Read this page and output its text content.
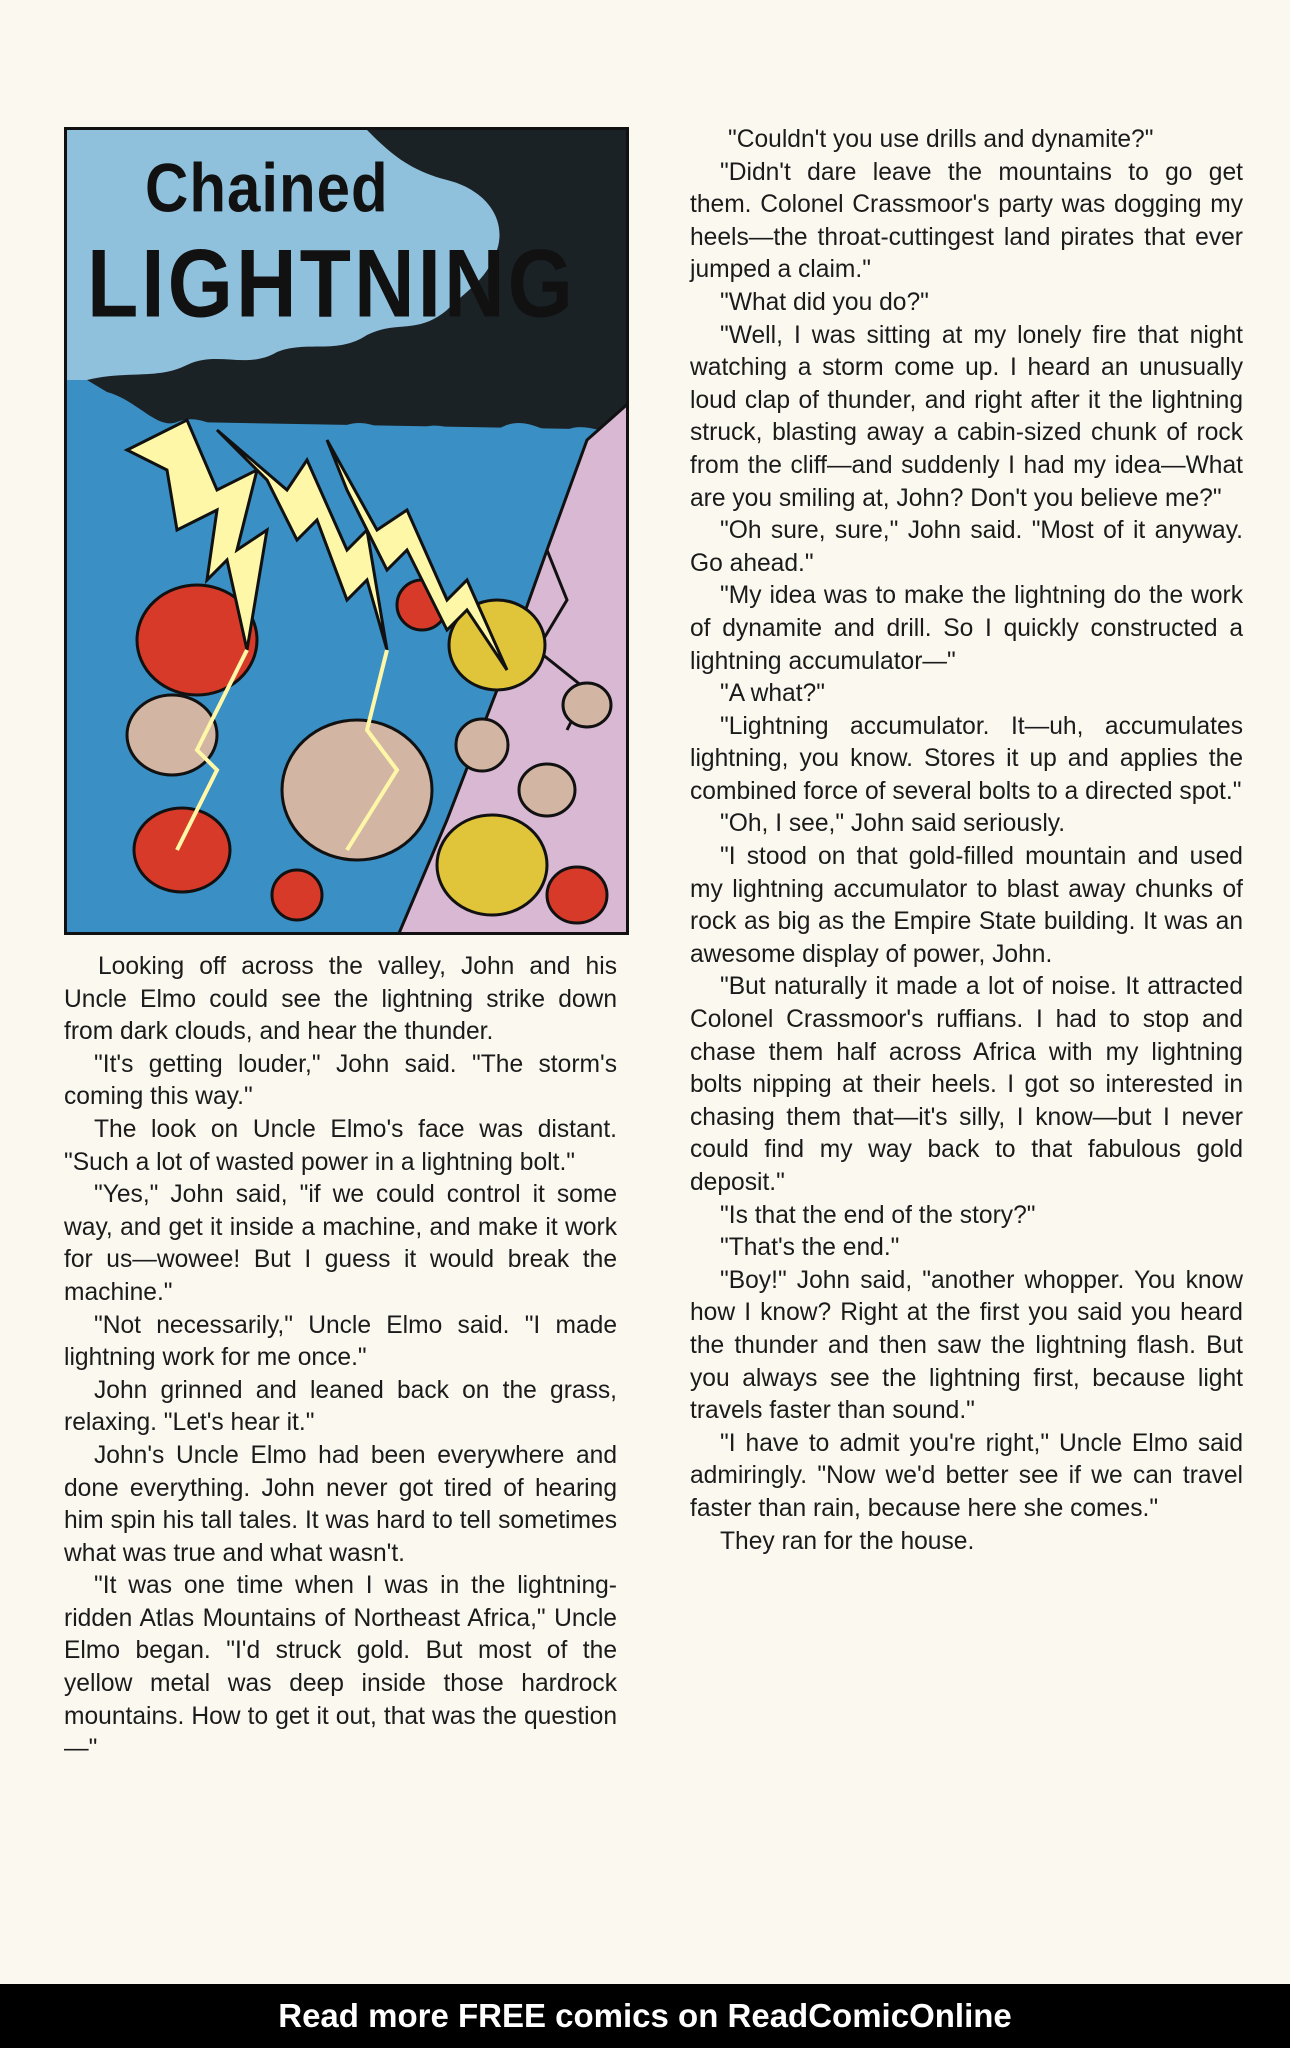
Chained
LIGHTNING

Looking off across the valley, John and his Uncle Elmo could see the lightning strike down from dark clouds, and hear the thunder.

"It's getting louder," John said. "The storm's coming this way."

The look on Uncle Elmo's face was distant. "Such a lot of wasted power in a lightning bolt."

"Yes," John said, "if we could control it some way, and get it inside a machine, and make it work for us—wowee! But I guess it would break the machine."

"Not necessarily," Uncle Elmo said. "I made lightning work for me once."

John grinned and leaned back on the grass, relaxing. "Let's hear it."

John's Uncle Elmo had been everywhere and done everything. John never got tired of hearing him spin his tall tales. It was hard to tell sometimes what was true and what wasn't.

"It was one time when I was in the lightning-ridden Atlas Mountains of Northeast Africa," Uncle Elmo began. "I'd struck gold. But most of the yellow metal was deep inside those hardrock mountains. How to get it out, that was the question—"

"Couldn't you use drills and dynamite?"

"Didn't dare leave the mountains to go get them. Colonel Crassmoor's party was dogging my heels—the throat-cuttingest land pirates that ever jumped a claim."

"What did you do?"

"Well, I was sitting at my lonely fire that night watching a storm come up. I heard an unusually loud clap of thunder, and right after it the lightning struck, blasting away a cabin-sized chunk of rock from the cliff—and suddenly I had my idea—What are you smiling at, John? Don't you believe me?"

"Oh sure, sure," John said. "Most of it anyway. Go ahead."

"My idea was to make the lightning do the work of dynamite and drill. So I quickly constructed a lightning accumulator—"

"A what?"

"Lightning accumulator. It—uh, accumulates lightning, you know. Stores it up and applies the combined force of several bolts to a directed spot."

"Oh, I see," John said seriously.

"I stood on that gold-filled mountain and used my lightning accumulator to blast away chunks of rock as big as the Empire State building. It was an awesome display of power, John.

"But naturally it made a lot of noise. It attracted Colonel Crassmoor's ruffians. I had to stop and chase them half across Africa with my lightning bolts nipping at their heels. I got so interested in chasing them that—it's silly, I know—but I never could find my way back to that fabulous gold deposit."

"Is that the end of the story?"

"That's the end."

"Boy!" John said, "another whopper. You know how I know? Right at the first you said you heard the thunder and then saw the lightning flash. But you always see the lightning first, because light travels faster than sound."

"I have to admit you're right," Uncle Elmo said admiringly. "Now we'd better see if we can travel faster than rain, because here she comes."

They ran for the house.

Read more FREE comics on ReadComicOnline
